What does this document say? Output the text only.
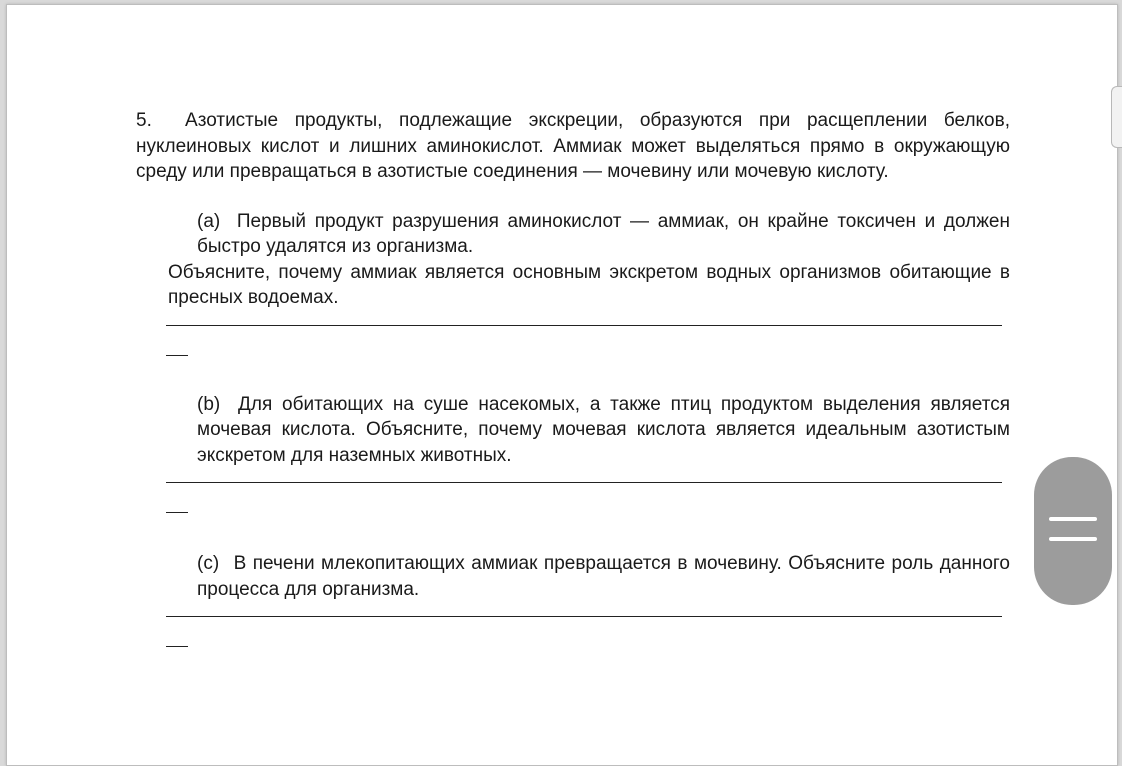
5. Азотистые продукты, подлежащие экскреции, образуются при расщеплении белков, нуклеиновых кислот и лишних аминокислот. Аммиак может выделяться прямо в окружающую среду или превращаться в азотистые соединения — мочевину или мочевую кислоту.

(a) Первый продукт разрушения аминокислот — аммиак, он крайне токсичен и должен быстро удалятся из организма.
Объясните, почему аммиак является основным экскретом водных организмов обитающие в пресных водоемах.
(b) Для обитающих на суше насекомых, а также птиц продуктом выделения является мочевая кислота. Объясните, почему мочевая кислота является идеальным азотистым экскретом для наземных животных.
(c) В печени млекопитающих аммиак превращается в мочевину. Объясните роль данного процесса для организма.
